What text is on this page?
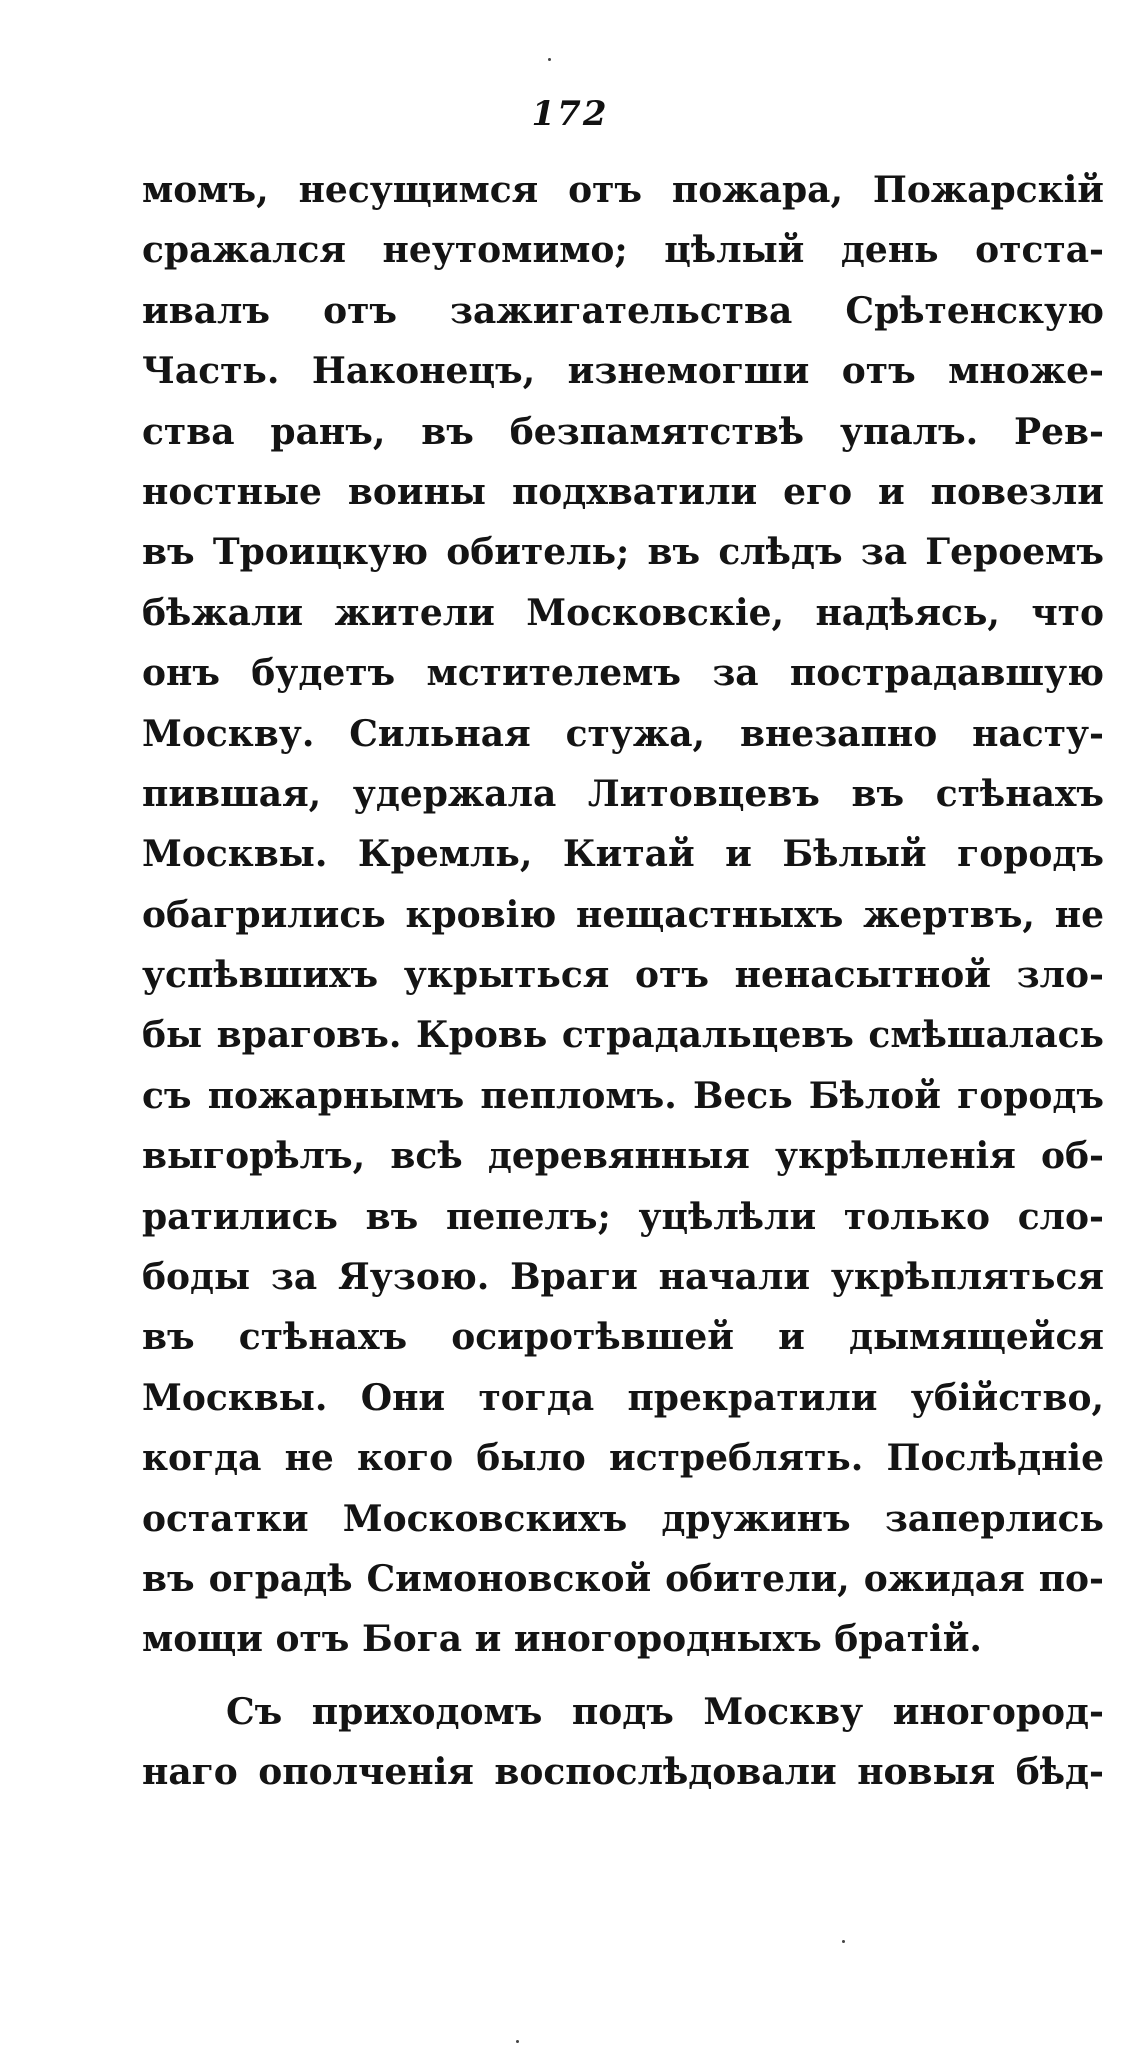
172
момъ, несущимся отъ пожара, Пожарскій
сражался неутомимо; цѣлый день отста-
ивалъ отъ зажигательства Срѣтенскую
Часть. Наконецъ, изнемогши отъ множе-
ства ранъ, въ безпамятствѣ упалъ. Рев-
ностные воины подхватили его и повезли
въ Троицкую обитель; въ слѣдъ за Героемъ
бѣжали жители Московскіе, надѣясь, что
онъ будетъ мстителемъ за пострадавшую
Москву. Сильная стужа, внезапно насту-
пившая, удержала Литовцевъ въ стѣнахъ
Москвы. Кремль, Китай и Бѣлый городъ
обагрились кровію нещастныхъ жертвъ, не
успѣвшихъ укрыться отъ ненасытной зло-
бы враговъ. Кровь страдальцевъ смѣшалась
съ пожарнымъ пепломъ. Весь Бѣлой городъ
выгорѣлъ, всѣ деревянныя укрѣпленія об-
ратились въ пепелъ; уцѣлѣли только сло-
боды за Яузою. Враги начали укрѣпляться
въ стѣнахъ осиротѣвшей и дымящейся
Москвы. Они тогда прекратили убійство,
когда не кого было истреблять. Послѣдніе
остатки Московскихъ дружинъ заперлись
въ оградѣ Симоновской обители, ожидая по-
мощи отъ Бога и иногородныхъ братій.
Съ приходомъ подъ Москву иногород-
наго ополченія воспослѣдовали новыя бѣд-
